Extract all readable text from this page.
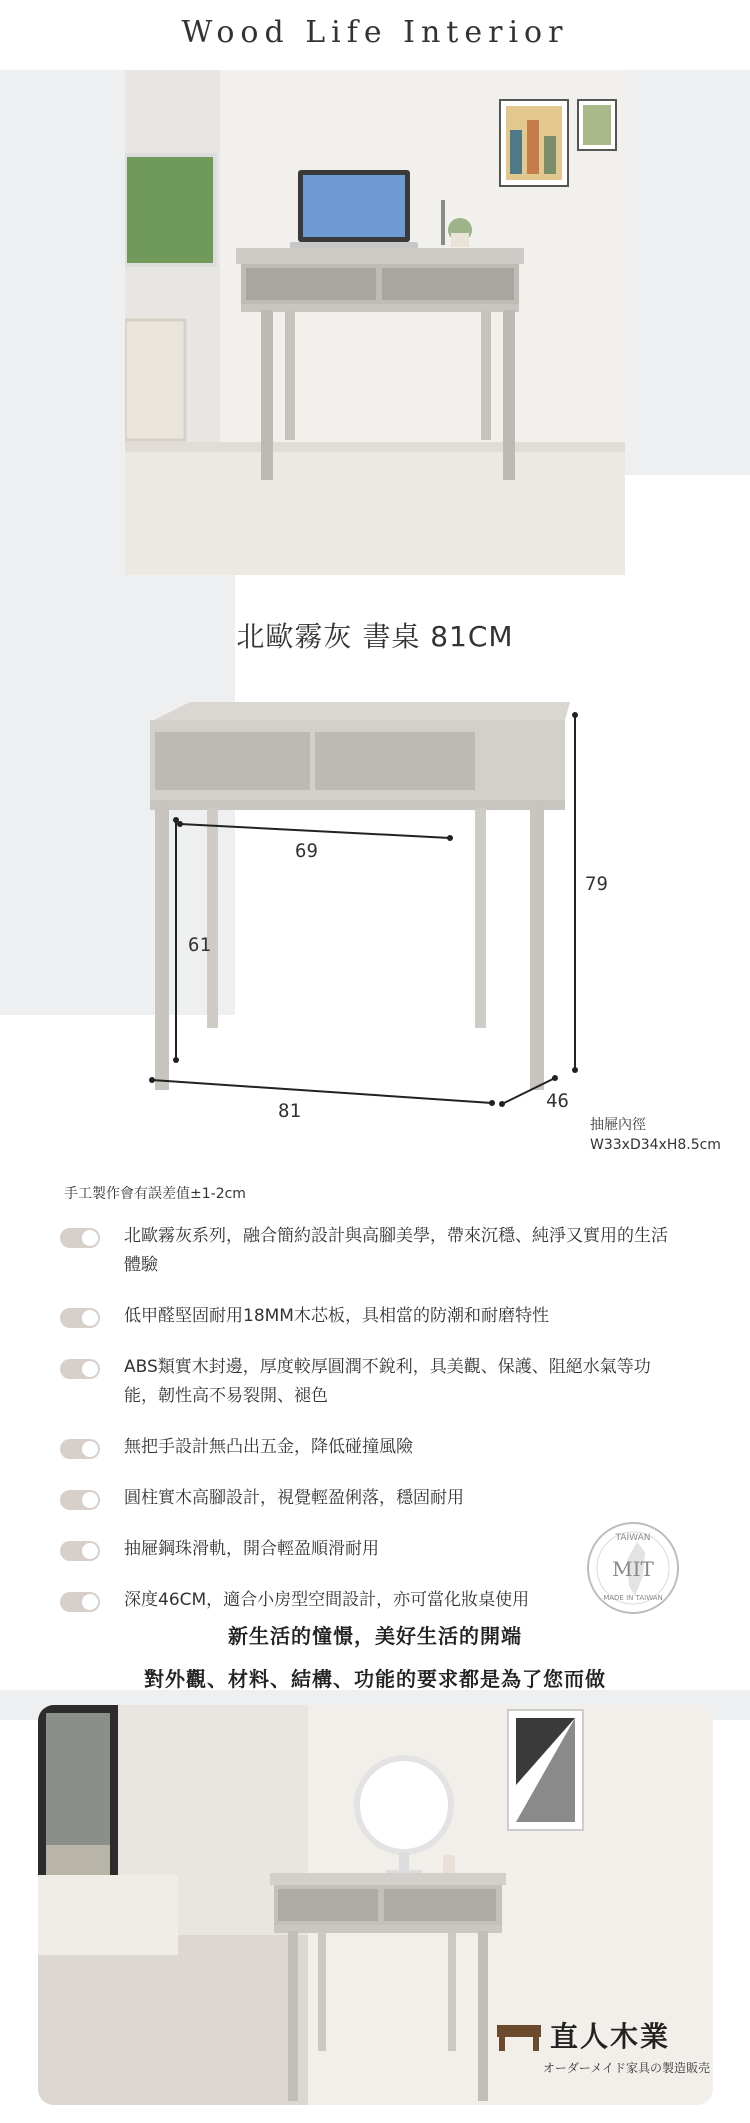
Wood Life Interior
北歐霧灰 書桌 81CM
69
79
61
81	46
抽屜內徑
W33xD34xH8.5cm
手工製作會有誤差值±1-2cm
北歐霧灰系列，融合簡約設計與高腳美學，帶來沉穩、純淨又實用的生活體驗
低甲醛堅固耐用18MM木芯板，具相當的防潮和耐磨特性
ABS類實木封邊，厚度較厚圓潤不銳利，具美觀、保護、阻絕水氣等功能，韌性高不易裂開、褪色
無把手設計無凸出五金，降低碰撞風險
圓柱實木高腳設計，視覺輕盈俐落，穩固耐用
抽屜鋼珠滑軌，開合輕盈順滑耐用
深度46CM，適合小房型空間設計，亦可當化妝桌使用
TAIWAN
MIT
MADE IN TAIWAN
新生活的憧憬，美好生活的開端
對外觀、材料、結構、功能的要求都是為了您而做
直人木業
オーダーメイド家具の製造販売
